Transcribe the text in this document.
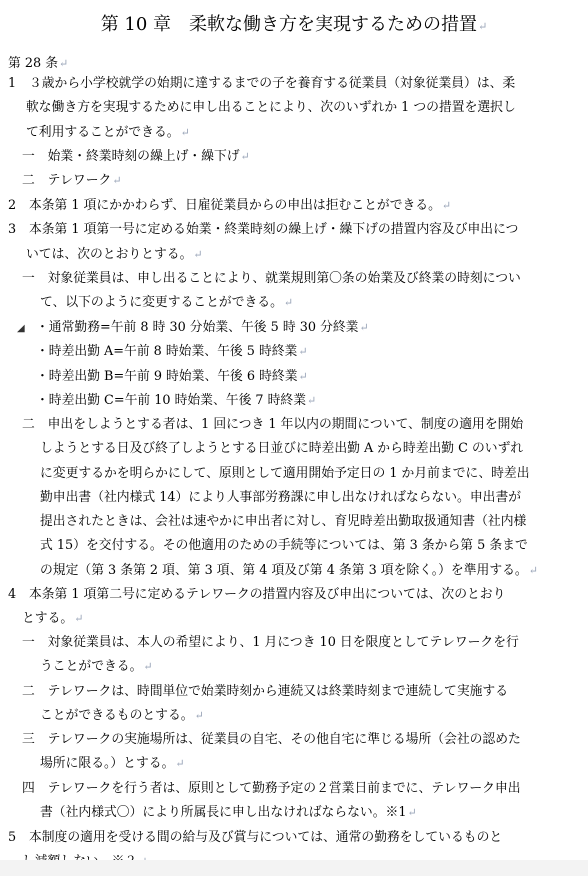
第 10 章　柔軟な働き方を実現するための措置↵
第 28 条↵
1　３歳から小学校就学の始期に達するまでの子を養育する従業員（対象従業員）は、柔
軟な働き方を実現するために申し出ることにより、次のいずれか 1 つの措置を選択し
て利用することができる。↵
一　始業・終業時刻の繰上げ・繰下げ↵
二　テレワーク↵
2　本条第 1 項にかかわらず、日雇従業員からの申出は拒むことができる。↵
3　本条第 1 項第一号に定める始業・終業時刻の繰上げ・繰下げの措置内容及び申出につ
いては、次のとおりとする。↵
一　対象従業員は、申し出ることにより、就業規則第〇条の始業及び終業の時刻につい
て、以下のように変更することができる。↵
◢ ・通常勤務=午前 8 時 30 分始業、午後 5 時 30 分終業↵
・時差出勤 A=午前 8 時始業、午後 5 時終業↵
・時差出勤 B=午前 9 時始業、午後 6 時終業↵
・時差出勤 C=午前 10 時始業、午後 7 時終業↵
二　申出をしようとする者は、1 回につき 1 年以内の期間について、制度の適用を開始
しようとする日及び終了しようとする日並びに時差出勤 A から時差出勤 C のいずれ
に変更するかを明らかにして、原則として適用開始予定日の 1 か月前までに、時差出
勤申出書（社内様式 14）により人事部労務課に申し出なければならない。申出書が
提出されたときは、会社は速やかに申出者に対し、育児時差出勤取扱通知書（社内様
式 15）を交付する。その他適用のための手続等については、第 3 条から第 5 条まで
の規定（第 3 条第 2 項、第 3 項、第 4 項及び第 4 条第 3 項を除く。）を準用する。↵
4　本条第 1 項第二号に定めるテレワークの措置内容及び申出については、次のとおり
とする。↵
一　対象従業員は、本人の希望により、1 月につき 10 日を限度としてテレワークを行
うことができる。↵
二　テレワークは、時間単位で始業時刻から連続又は終業時刻まで連続して実施する
ことができるものとする。↵
三　テレワークの実施場所は、従業員の自宅、その他自宅に準じる場所（会社の認めた
場所に限る。）とする。↵
四　テレワークを行う者は、原則として勤務予定の２営業日前までに、テレワーク申出
書（社内様式〇）により所属長に申し出なければならない。※1↵
5　本制度の適用を受ける間の給与及び賞与については、通常の勤務をしているものと
